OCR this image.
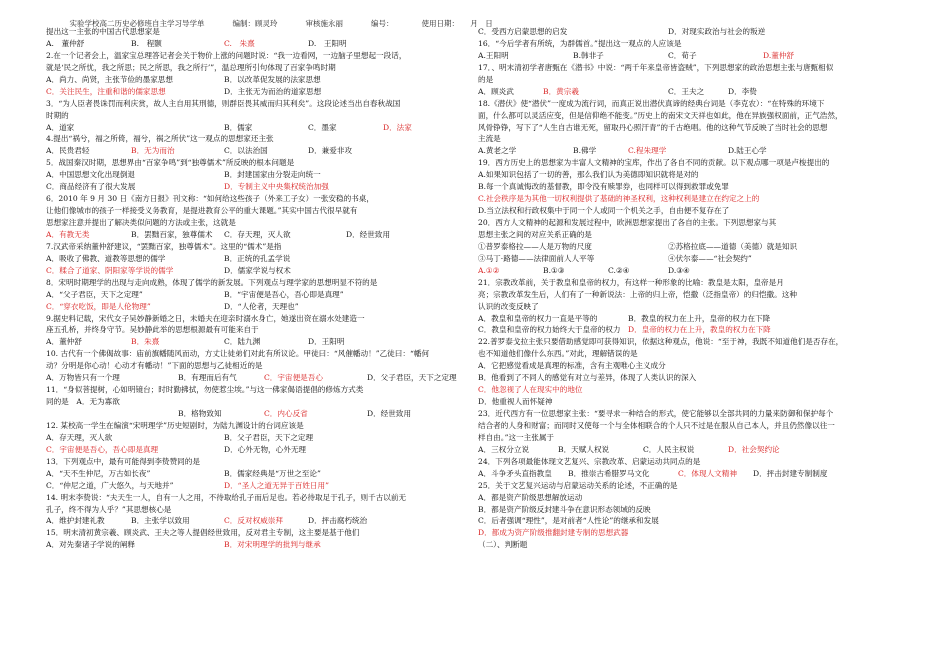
实验学校高二历史必修班自主学习导学单	编制：顾灵玲	审核施永丽	编号：	使用日期：　　月　日

提出这一主张的中国古代思想家是
A.　董仲舒	B.　程颢	C.　朱熹	D.　王阳明
2.在一个记者会上，温家宝总理答记者会关于物价上涨的问题时说：“我一边看网，一边脑子里想起一段话，
就是‘民之所忧，我之所思；民之所思，我之所行’”，温总理所引句体现了百家争鸣时期
A．尚力、尚贤，主张节俭的墨家思想	B．以改革促发展的法家思想
C．关注民生，注重和谐的儒家思想	D．主张无为而治的道家思想
3．“为人臣者畏诛罚而利庆赏，故人主自用其刑德，则群臣畏其威而归其利矣”。这段论述当出自春秋战国
时期的
A．道家	B．儒家	C．墨家	D．法家
4.提出“祸兮，福之所倚，福兮，祸之所伏”这一观点的思想家还主张
A．民贵君轻	B．无为而治	C．以法治国	D．兼爱非攻
5．战国秦汉时期，思想界由“百家争鸣”到“独尊儒术”所反映的根本问题是
A．中国思想文化出现倒退	B．封建国家由分裂走向统一
C．商品经济有了很大发展	D．专制主义中央集权统治加强
6．2010 年 9 月 30 日《南方日报》刊文称：“如何给这些孩子（外来工子女）一张安稳的书桌，
让他们像城市的孩子一样接受义务教育，是提进教育公平的重大课题。”其实中国古代很早就有
思想家注意并提出了解决类似问题的方法或主张，这就是
A．有教无类	B．罢黜百家，独尊儒术 C．存天理，灭人欲	D．经世致用
7.汉武帝采纳董仲舒建议，“罢黜百家，独尊儒术”。这里的“儒术”是指
A．吸收了佛教、道教等思想的儒学	B．正统的孔孟学说
C．糅合了道家、阴阳家等学说的儒学	D．儒家学说与权术
8．宋明时期理学的出现与走向成熟，体现了儒学的新发展。下列观点与理学家的思想明显不符的是
A．“父子君臣，天下之定理”	B．“宇宙便是吾心，吾心即是真理”
C．“穿衣吃饭，即是人伦物理”	D．“人伦者，天理也”
9.据史料记载，宋代女子吴妙静新婚之日，未婚夫在迎亲时溺水身亡，她遂出资在溺水处建造一
座五孔桥，并终身守节。吴妙静此举的思想根源最有可能来自于
A．董仲舒	B．朱熹	C．陆九渊	D．王阳明
10. 古代有一个佛偈故事：庙前旗幡随风而动，方丈让徒弟们对此有所议论。甲徒曰：“风催幡动！”乙徒曰：“幡何
动？分明是你心动！心动才有幡动！”下面的思想与乙徒相近的是
A．万物皆只有一个理	B．有理而后有气	C．宇宙便是吾心	D．父子君臣，天下之定理
11．“身似菩提树，心如明镜台；时时勤拂拭，勿使惹尘埃。”与这一佛家偈语提倡的修炼方式类
同的是　A．无为寡欲
B．格物致知	C．内心反省	D．经世致用
12. 某校高一学生在编演“宋明理学”历史短剧时，为陆九渊设计的台词应该是
A．存天理，灭人欲	B．父子君臣，天下之定理
C．宇宙便是吾心，吾心即是真理	D．心外无物，心外无理
13．下列观点中，最有可能得到李贽赞同的是
A．“天不生仲尼，万古如长夜”	B．儒家经典是“万世之至论”
C．“仲尼之道，广大悠久，与天地并”	D．“圣人之道无异于百姓日用”
14. 明末李贽说：“夫天生一人，自有一人之用，不待取给孔子而后足也。若必待取足于孔子，则千古以前无
孔子，终不得为人乎？”其思想核心是
A．维护封建礼教	B．主张学以致用	C．反对权威崇拜	D．抨击腐朽统治
15．明末清初黄宗羲、顾炎武、王夫之等人提倡经世致用，反对君主专制，这主要是基于他们
A．对先秦诸子学说的阐释	B．对宋明理学的批判与继承
C．受西方启蒙思想的启发	D．对现实政治与社会的叛逆
16．“今后学者有所统，为群儒首。”提出这一观点的人应该是
A.王阳明	B.韩非子	C．荀子	D.董仲舒
17．、明末清初学者唐甄在《潜书》中说：“两千年来皇帝皆盗贼”，下列思想家的政治思想主张与唐甄相似
的是
A．顾炎武	B．黄宗羲	C．王夫之	D．李贽
18.《潜伏》使“潜伏”一度成为流行词，而真正说出潜伏真谛的经典台词是（李克农）：“在特殊的环境下
面，什么都可以灵活应变，但是信仰绝不能变。”历史上的南宋文天祥也如此，他在异族强权面前，正气浩然，
风骨铮铮，写下了“人生自古谁无死，留取丹心照汗青”的千古绝唱。他的这种气节反映了当时社会的思想
主流是
A.黄老之学	B.佛学	C.程朱理学	D.陆王心学
19．西方历史上的思想家为丰富人文精神的宝库，作出了各自不同的贡献。以下观点哪一项是卢梭提出的
A.如果知识包括了一切的善，那么我们认为美德即知识就将是对的
B.每一个真诚悔改的基督教，即令没有赎罪券，也同样可以得到救罪或免罪
C.社会秩序是为其他一切权利提供了基础的神圣权利，这种权利是建立在约定之上的
D.当立法权和行政权集中于同一个人或同一个机关之手，自由便不复存在了
20．西方人文精神的起源和发展过程中，欧洲思想家提出了各自的主张。下列思想家与其
思想主张之间的对应关系正确的是
①普罗泰格拉——人是万物的尺度	②苏格拉底——道德（美德）就是知识
③马丁·路德——法律面前人人平等	④伏尔泰——“社会契约”
A.①②	B.①③	C.②④	D.③④
21．宗教改革前，关于教皇和皇帝的权力，有这样一种形象的比喻：教皇是太阳，皇帝是月
亮；宗教改革发生后，人们有了一种新说法：上帝的归上帝，恺撒（泛指皇帝）的归恺撒。这种
认识的改变反映了
A．教皇和皇帝的权力一直是平等的	B．教皇的权力在上升，皇帝的权力在下降
C．教皇和皇帝的权力始终大于皇帝的权力 D．皇帝的权力在上升，教皇的权力在下降
22.普罗泰戈拉主张只要借助感觉即可获得知识，依据这种观点，他说：“至于神，我既不知道他们是否存在，
也不知道他们像什么东西。”对此，理解错误的是
A．它把感觉看成是真理的标准，含有主观唯心主义成分
B．他看到了不同人的感觉有对立与差异，体现了人类认识的深入
C．他忽视了人在现实中的地位
D．他重视人而怀疑神
23．近代西方有一位思想家主张：“要寻求一种结合的形式，使它能够以全部共同的力量来防御和保护每个
结合者的人身和财富；而同时又使每一个与全体相联合的个人只不过是在服从自己本人，并且仍然像以往一
样自由。”这一主张属于
A．三权分立说	B．天赋人权说	C．人民主权说	D．社会契约论
24．下列各项最能体现文艺复兴、宗教改革、启蒙运动共同点的是
A．斗争矛头直指教皇 B．推崇古希腊罗马文化	C．体现人文精神 D．抨击封建专制制度
25．关于文艺复兴运动与启蒙运动关系的论述，不正确的是
A．都是资产阶级思想解放运动
B．都是资产阶级反封建斗争在意识形态领域的反映
C．后者强调“理性”，是对前者“人性论”的继承和发展
D．都成为资产阶级推翻封建专制的思想武器
（二）、判断题
